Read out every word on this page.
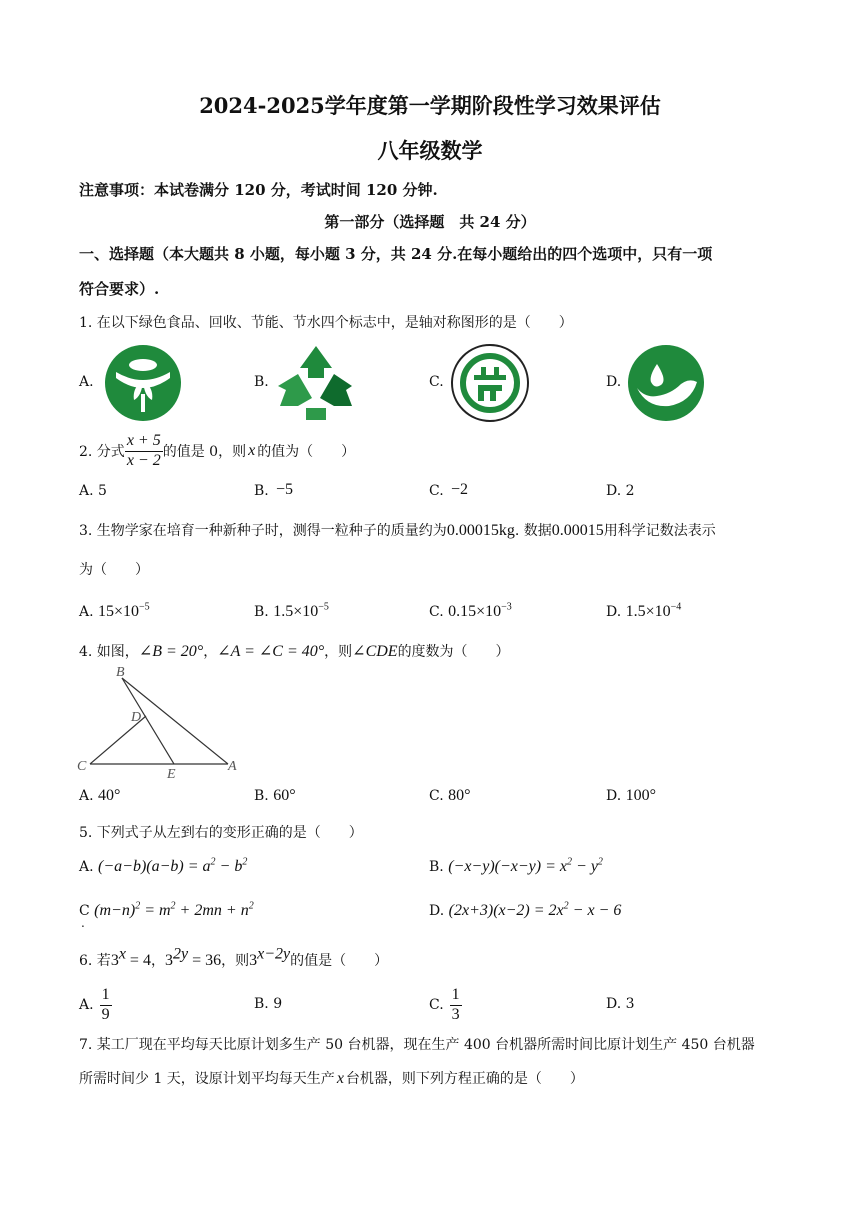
2024-2025学年度第一学期阶段性学习效果评估
八年级数学
注意事项：本试卷满分 120 分，考试时间 120 分钟.
第一部分（选择题　共 24 分）
一、选择题（本大题共 8 小题，每小题 3 分，共 24 分.在每小题给出的四个选项中，只有一项
符合要求）.
1. 在以下绿色食品、回收、节能、节水四个标志中，是轴对称图形的是（　　）
A.	B.	C.	D.
2. 分式 $\frac{x + 5}{x - 2}$ 的值是 0，则 x 的值为（　　）
A. 5	B. −5	C. −2	D. 2
3. 生物学家在培育一种新种子时，测得一粒种子的质量约为0.00015kg. 数据0.00015用科学记数法表示
为（　　）
A. $15\times 10^{-5}$	B. $1.5\times 10^{-5}$	C. $0.15\times 10^{-3}$	D. $1.5\times 10^{-4}$
4. 如图，∠B = 20°，∠A = ∠C = 40°，则∠CDE的度数为（　　）
B
D
C
E
A
A. 40°	B. 60°	C. 80°	D. 100°
5. 下列式子从左到右的变形正确的是（　　）
A. $(-a-b)(a-b) = a^2 - b^2$	B. $(-x-y)(-x-y) = x^2 - y^2$
C $(m-n)^2 = m^2 + 2mn + n^2$
.
D. $(2x+3)(x-2) = 2x^2 - x - 6$
6. 若$3^x = 4$，$3^{2y} = 36$，则$3^{x-2y}$的值是（　　）
A. $\frac{1}{9}$	B. 9	C. $\frac{1}{3}$	D. 3
7. 某工厂现在平均每天比原计划多生产 50 台机器，现在生产 400 台机器所需时间比原计划生产 450 台机器
所需时间少 1 天，设原计划平均每天生产 x 台机器，则下列方程正确的是（　　）
